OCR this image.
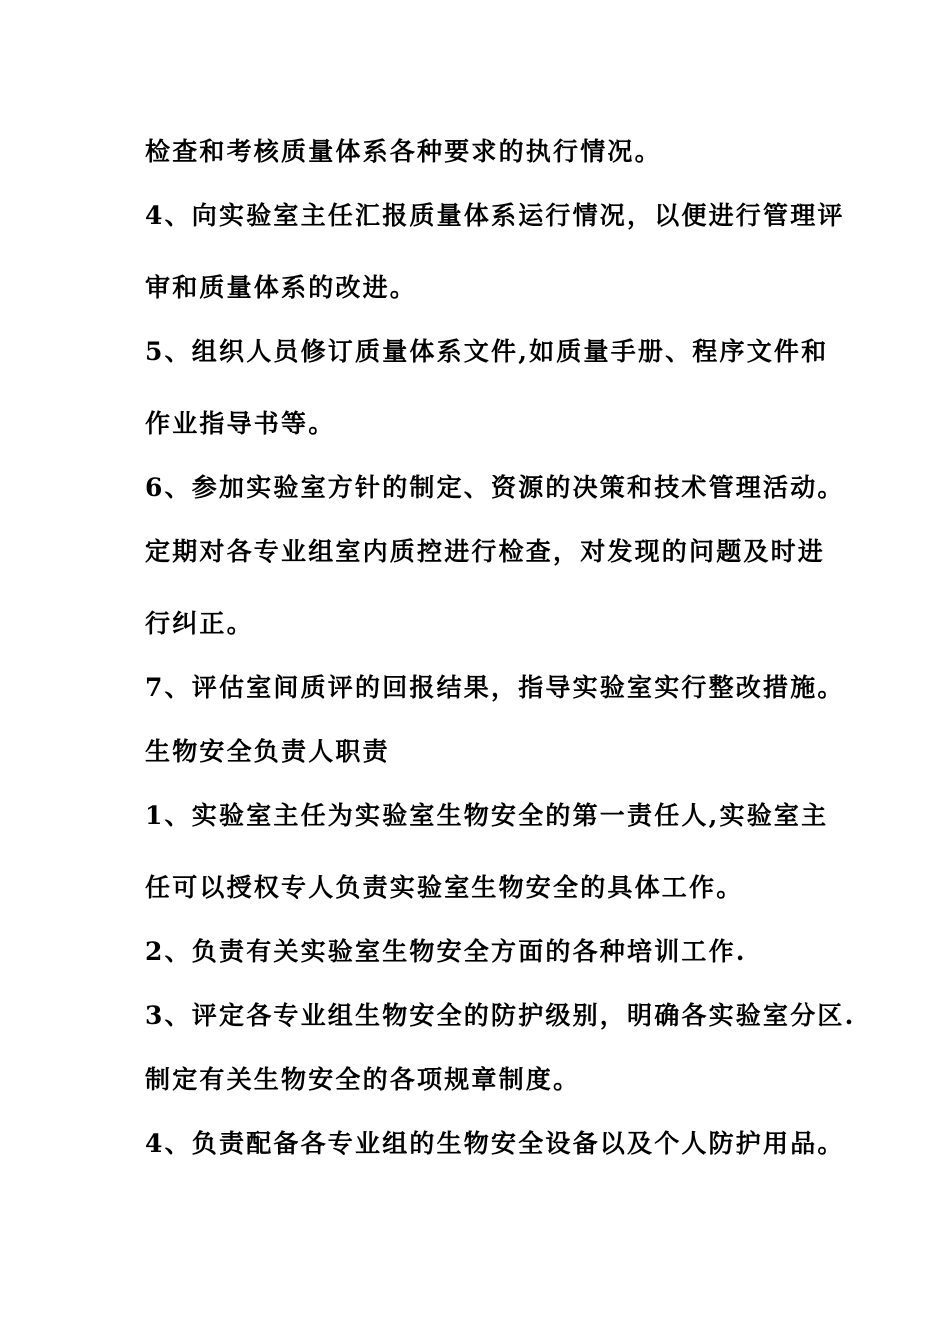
检查和考核质量体系各种要求的执行情况。
4、向实验室主任汇报质量体系运行情况，以便进行管理评
审和质量体系的改进。
5、组织人员修订质量体系文件,如质量手册、程序文件和
作业指导书等。
6、参加实验室方针的制定、资源的决策和技术管理活动。
定期对各专业组室内质控进行检查，对发现的问题及时进
行纠正。
7、评估室间质评的回报结果，指导实验室实行整改措施。
生物安全负责人职责
1、实验室主任为实验室生物安全的第一责任人,实验室主
任可以授权专人负责实验室生物安全的具体工作。
2、负责有关实验室生物安全方面的各种培训工作.
3、评定各专业组生物安全的防护级别，明确各实验室分区.
制定有关生物安全的各项规章制度。
4、负责配备各专业组的生物安全设备以及个人防护用品。
